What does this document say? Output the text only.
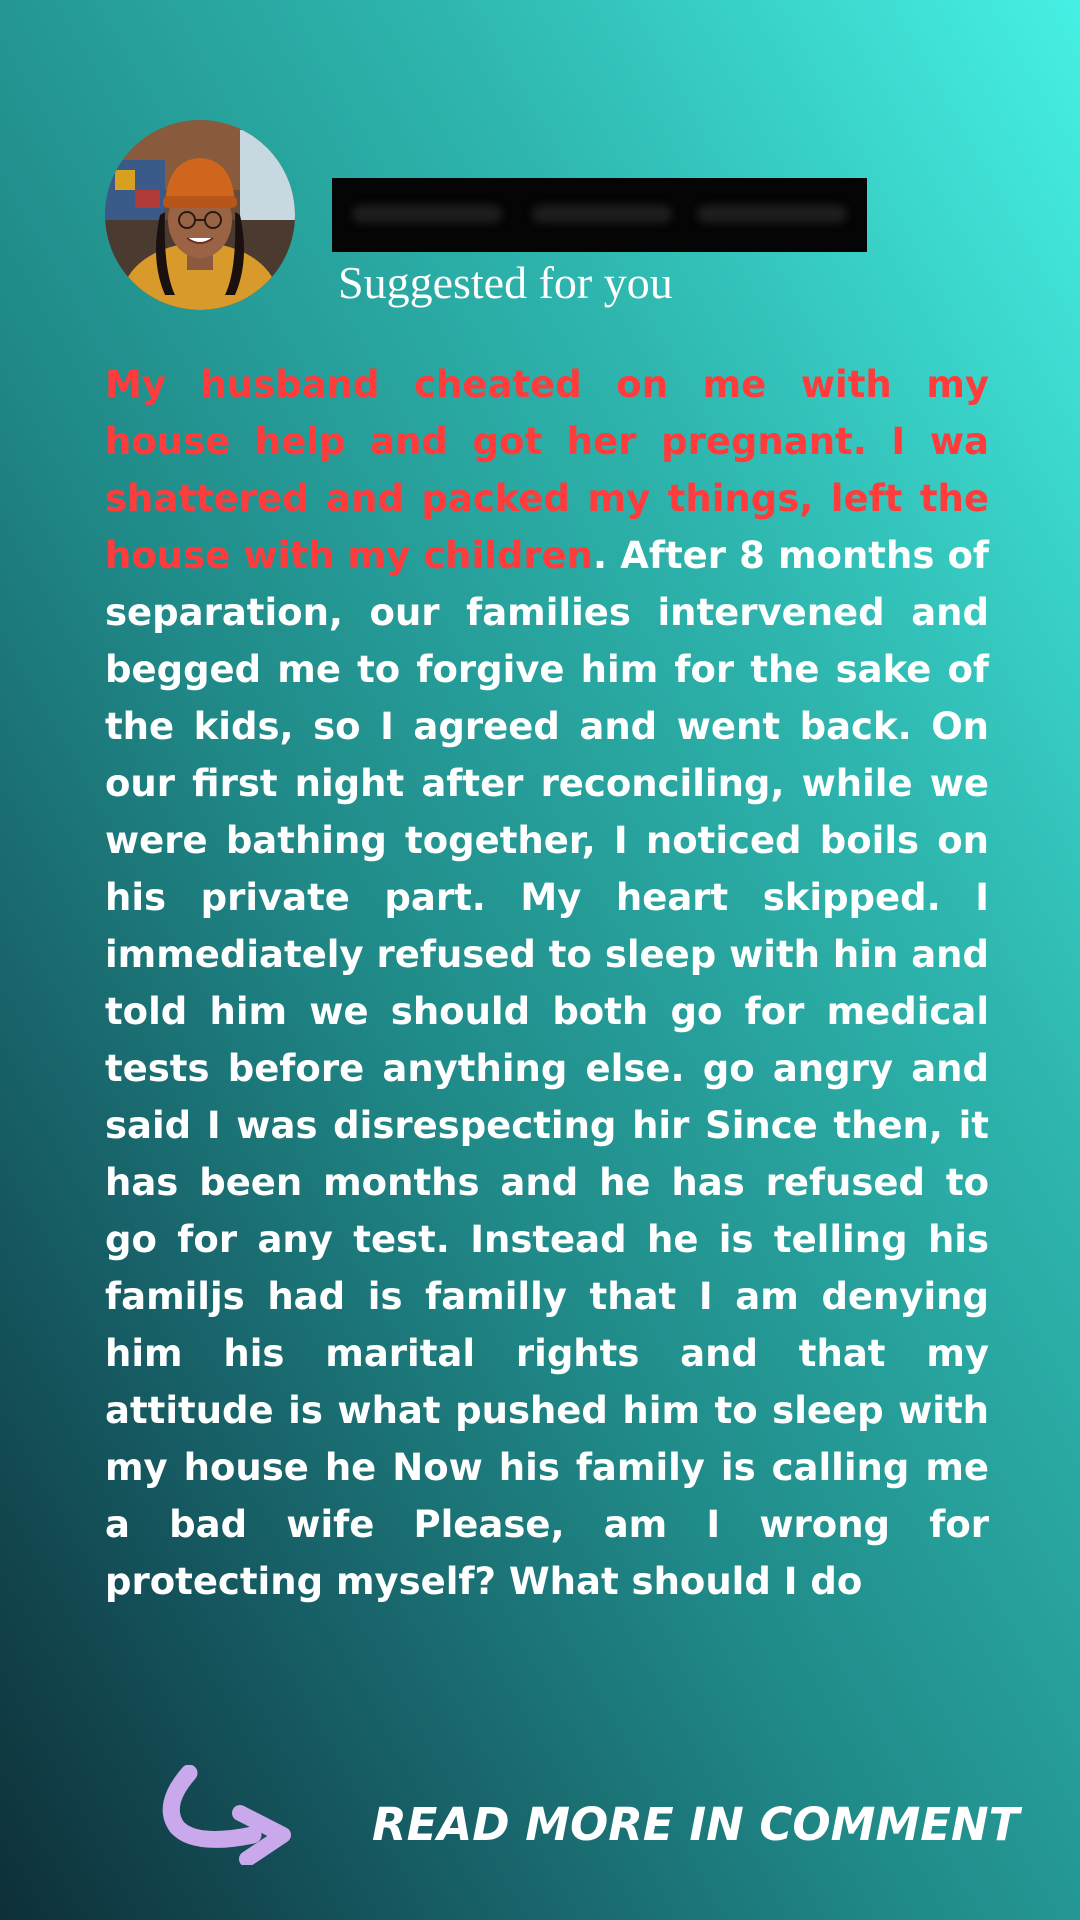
Suggested for you

My husband cheated on me with my house help and got her pregnant. I wa shattered and packed my things, left the house with my children. After 8 months of separation, our families intervened and begged me to forgive him for the sake of the kids, so I agreed and went back. On our first night after reconciling, while we were bathing together, I noticed boils on his private part. My heart skipped. I immediately refused to sleep with hin and told him we should both go for medical tests before anything else. go angry and said I was disrespecting hir Since then, it has been months and he has refused to go for any test. Instead he is telling his familjs had is familly that I am denying him his marital rights and that my attitude is what pushed him to sleep with my house he Now his family is calling me a bad wife Please, am I wrong for protecting myself? What should I do

READ MORE IN COMMENT
